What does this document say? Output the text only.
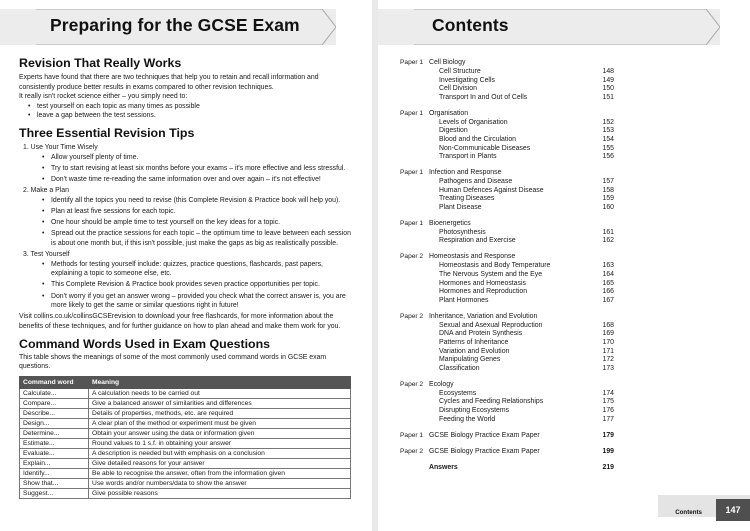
Preparing for the GCSE Exam
Revision That Really Works

Experts have found that there are two techniques that help you to retain and recall information and consistently produce better results in exams compared to other revision techniques.

It really isn't rocket science either – you simply need to:

• test yourself on each topic as many times as possible
• leave a gap between the test sessions.
Three Essential Revision Tips
1. Use Your Time Wisely
• Allow yourself plenty of time.
• Try to start revising at least six months before your exams – it's more effective and less stressful.
• Don't waste time re-reading the same information over and over again – it's not effective!
2. Make a Plan
• Identify all the topics you need to revise (this Complete Revision & Practice book will help you).
• Plan at least five sessions for each topic.
• One hour should be ample time to test yourself on the key ideas for a topic.
• Spread out the practice sessions for each topic – the optimum time to leave between each session is about one month but, if this isn't possible, just make the gaps as big as realistically possible.
3. Test Yourself
• Methods for testing yourself include: quizzes, practice questions, flashcards, past papers, explaining a topic to someone else, etc.
• This Complete Revision & Practice book provides seven practice opportunities per topic.
• Don't worry if you get an answer wrong – provided you check what the correct answer is, you are more likely to get the same or similar questions right in future!

Visit collins.co.uk/collinsGCSErevision to download your free flashcards, for more information about the benefits of these techniques, and for further guidance on how to plan ahead and make them work for you.

Command Words Used in Exam Questions

This table shows the meanings of some of the most commonly used command words in GCSE exam questions.

Command word	Meaning
Calculate...	A calculation needs to be carried out
Compare...	Give a balanced answer of similarities and differences
Describe...	Details of properties, methods, etc. are required
Design...	A clear plan of the method or experiment must be given
Determine...	Obtain your answer using the data or information given
Estimate...	Round values to 1 s.f. in obtaining your answer
Evaluate...	A description is needed but with emphasis on a conclusion
Explain...	Give detailed reasons for your answer
Identify...	Be able to recognise the answer, often from the information given
Show that...	Use words and/or numbers/data to show the answer
Suggest...	Give possible reasons
Contents
Paper 1 Cell Biology
Cell Structure	148
Investigating Cells	149
Cell Division	150
Transport In and Out of Cells	151
Paper 1 Organisation
Levels of Organisation	152
Digestion	153
Blood and the Circulation	154
Non-Communicable Diseases	155
Transport in Plants	156
Paper 1 Infection and Response
Pathogens and Disease	157
Human Defences Against Disease	158
Treating Diseases	159
Plant Disease	160
Paper 1 Bioenergetics
Photosynthesis	161
Respiration and Exercise	162
Paper 2 Homeostasis and Response
Homeostasis and Body Temperature	163
The Nervous System and the Eye	164
Hormones and Homeostasis	165
Hormones and Reproduction	166
Plant Hormones	167
Paper 2 Inheritance, Variation and Evolution
Sexual and Asexual Reproduction	168
DNA and Protein Synthesis	169
Patterns of Inheritance	170
Variation and Evolution	171
Manipulating Genes	172
Classification	173
Paper 2 Ecology
Ecosystems	174
Cycles and Feeding Relationships	175
Disrupting Ecosystems	176
Feeding the World	177
Paper 1 GCSE Biology Practice Exam Paper	179
Paper 2 GCSE Biology Practice Exam Paper	199
Answers	219
Contents	147
